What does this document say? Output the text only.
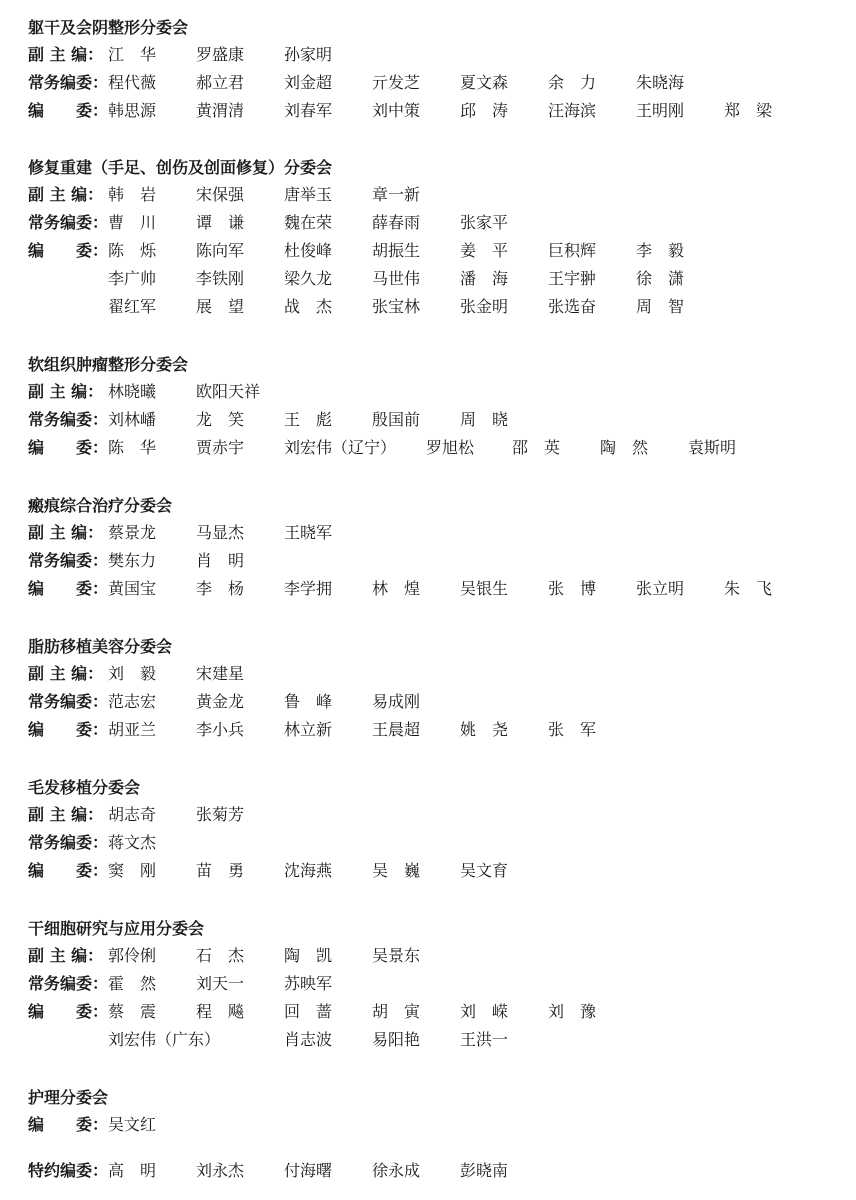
躯干及会阴整形分委会
副 主 编： 江　华 罗盛康 孙家明
常务编委： 程代薇 郝立君 刘金超 亓发芝 夏文森 余　力 朱晓海
编　　委： 韩思源 黄渭清 刘春军 刘中策 邱　涛 汪海滨 王明刚 郑　梁
修复重建（手足、创伤及创面修复）分委会
副 主 编： 韩　岩 宋保强 唐举玉 章一新
常务编委： 曹　川 谭　谦 魏在荣 薛春雨 张家平
编　　委： 陈　烁 陈向军 杜俊峰 胡振生 姜　平 巨积辉 李　毅
李广帅 李铁刚 梁久龙 马世伟 潘　海 王宇翀 徐　潇
翟红军 展　望 战　杰 张宝林 张金明 张选奋 周　智
软组织肿瘤整形分委会
副 主 编： 林晓曦 欧阳天祥
常务编委： 刘林嶓 龙　笑 王　彪 殷国前 周　晓
编　　委： 陈　华 贾赤宇 刘宏伟（辽宁） 罗旭松 邵　英 陶　然 袁斯明
瘢痕综合治疗分委会
副 主 编： 蔡景龙 马显杰 王晓军
常务编委： 樊东力 肖　明
编　　委： 黄国宝 李　杨 李学拥 林　煌 吴银生 张　博 张立明 朱　飞
脂肪移植美容分委会
副 主 编： 刘　毅 宋建星
常务编委： 范志宏 黄金龙 鲁　峰 易成刚
编　　委： 胡亚兰 李小兵 林立新 王晨超 姚　尧 张　军
毛发移植分委会
副 主 编： 胡志奇 张菊芳
常务编委： 蒋文杰
编　　委： 窦　刚 苗　勇 沈海燕 吴　巍 吴文育
干细胞研究与应用分委会
副 主 编： 郭伶俐 石　杰 陶　凯 吴景东
常务编委： 霍　然 刘天一 苏映军
编　　委： 蔡　震 程　飚 回　蔷 胡　寅 刘　嵘 刘　豫
刘宏伟（广东）	肖志波 易阳艳 王洪一
护理分委会
编　　委： 吴文红
特约编委： 高　明 刘永杰 付海曙 徐永成 彭晓南
